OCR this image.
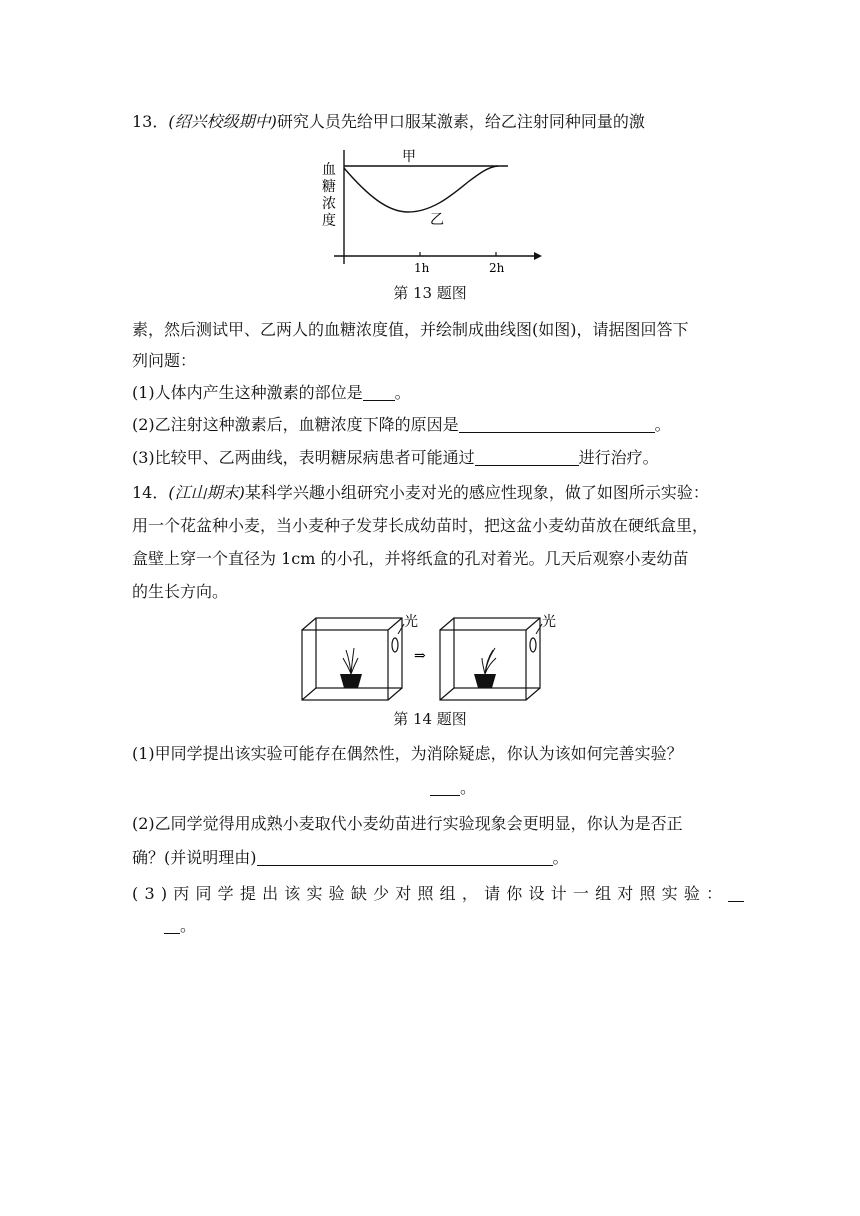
13．(绍兴校级期中)研究人员先给甲口服某激素，给乙注射同种同量的激
血
糖
浓
度
甲
乙
1h	2h
第 13 题图
素，然后测试甲、乙两人的血糖浓度值，并绘制成曲线图(如图)，请据图回答下
列问题：
(1)人体内产生这种激素的部位是 。
(2)乙注射这种激素后，血糖浓度下降的原因是	。
(3)比较甲、乙两曲线，表明糖尿病患者可能通过	进行治疗。
14．(江山期末)某科学兴趣小组研究小麦对光的感应性现象，做了如图所示实验：
用一个花盆种小麦，当小麦种子发芽长成幼苗时，把这盆小麦幼苗放在硬纸盒里，
盒壁上穿一个直径为 1cm 的小孔，并将纸盒的孔对着光。几天后观察小麦幼苗
的生长方向。
光
⇒
光
第 14 题图
(1)甲同学提出该实验可能存在偶然性，为消除疑虑，你认为该如何完善实验？
。
(2)乙同学觉得用成熟小麦取代小麦幼苗进行实验现象会更明显，你认为是否正
确？(并说明理由)	。
(3)丙同学提出该实验缺少对照组，请你设计一组对照实验：
。
